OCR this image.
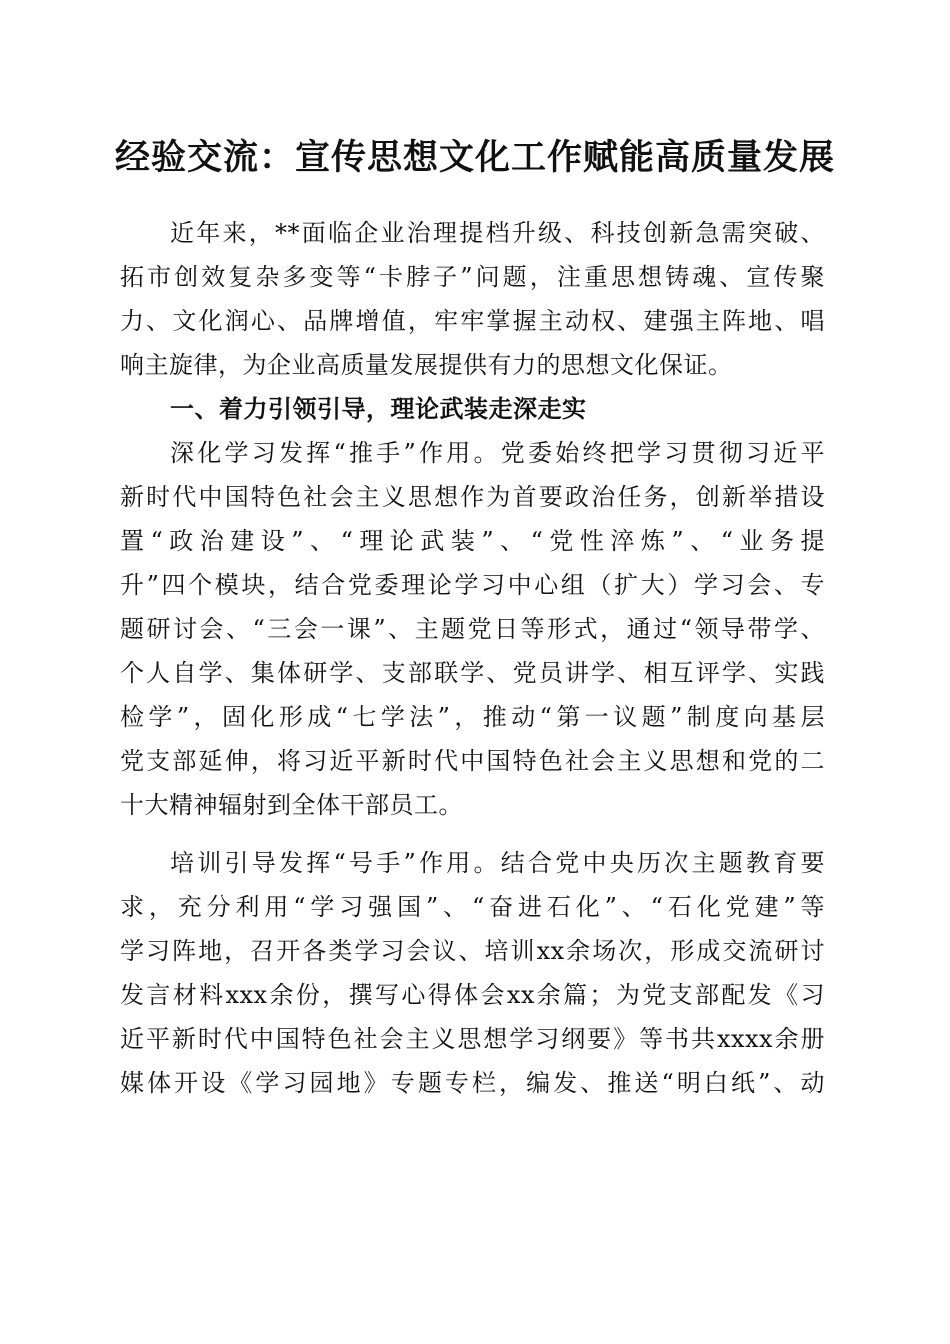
经验交流：宣传思想文化工作赋能高质量发展
近年来，**面临企业治理提档升级、科技创新急需突破、
拓市创效复杂多变等“卡脖子”问题，注重思想铸魂、宣传聚
力、文化润心、品牌增值，牢牢掌握主动权、建强主阵地、唱
响主旋律，为企业高质量发展提供有力的思想文化保证。
一、着力引领引导，理论武装走深走实
深化学习发挥“推手”作用。党委始终把学习贯彻习近平
新时代中国特色社会主义思想作为首要政治任务，创新举措设
置“政治建设”、“理论武装”、“党性淬炼”、“业务提
升”四个模块，结合党委理论学习中心组（扩大）学习会、专
题研讨会、“三会一课”、主题党日等形式，通过“领导带学、
个人自学、集体研学、支部联学、党员讲学、相互评学、实践
检学”，固化形成“七学法”，推动“第一议题”制度向基层
党支部延伸，将习近平新时代中国特色社会主义思想和党的二
十大精神辐射到全体干部员工。
培训引导发挥“号手”作用。结合党中央历次主题教育要
求，充分利用“学习强国”、“奋进石化”、“石化党建”等
学习阵地，召开各类学习会议、培训xx余场次，形成交流研讨
发言材料xxx余份，撰写心得体会xx余篇；为党支部配发《习
近平新时代中国特色社会主义思想学习纲要》等书共xxxx余册
媒体开设《学习园地》专题专栏，编发、推送“明白纸”、动
